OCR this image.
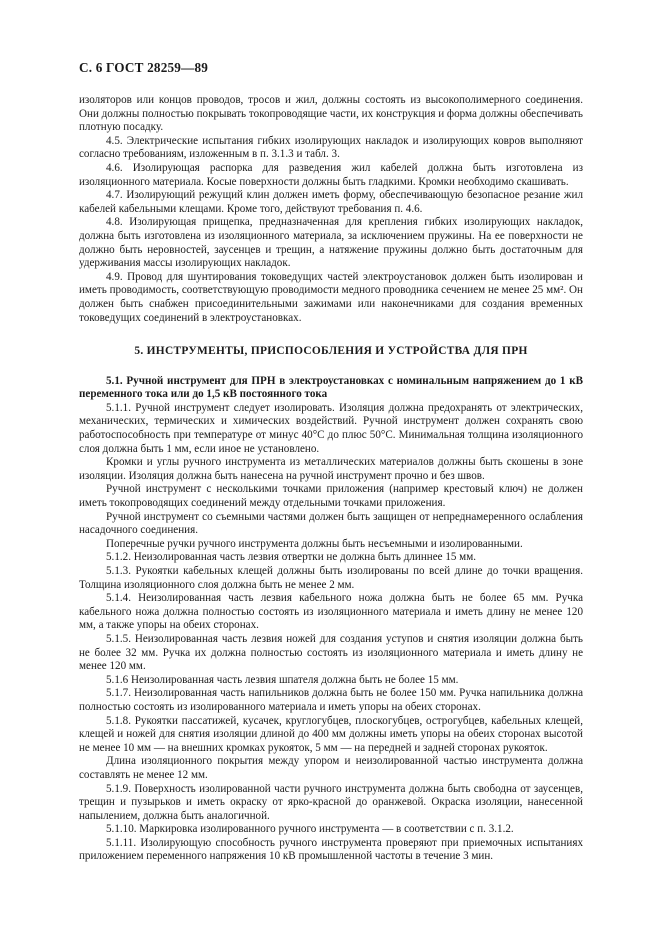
С. 6 ГОСТ 28259—89

изоляторов или концов проводов, тросов и жил, должны состоять из высокополимерного соединения. Они должны полностью покрывать токопроводящие части, их конструкция и форма должны обеспечивать плотную посадку.

4.5. Электрические испытания гибких изолирующих накладок и изолирующих ковров выполняют согласно требованиям, изложенным в п. 3.1.3 и табл. 3.

4.6. Изолирующая распорка для разведения жил кабелей должна быть изготовлена из изоляционного материала. Косые поверхности должны быть гладкими. Кромки необходимо скашивать.

4.7. Изолирующий режущий клин должен иметь форму, обеспечивающую безопасное резание жил кабелей кабельными клещами. Кроме того, действуют требования п. 4.6.

4.8. Изолирующая прищепка, предназначенная для крепления гибких изолирующих накладок, должна быть изготовлена из изоляционного материала, за исключением пружины. На ее поверхности не должно быть неровностей, заусенцев и трещин, а натяжение пружины должно быть достаточным для удерживания массы изолирующих накладок.

4.9. Провод для шунтирования токоведущих частей электроустановок должен быть изолирован и иметь проводимость, соответствующую проводимости медного проводника сечением не менее 25 мм². Он должен быть снабжен присоединительными зажимами или наконечниками для создания временных токоведущих соединений в электроустановках.

5. ИНСТРУМЕНТЫ, ПРИСПОСОБЛЕНИЯ И УСТРОЙСТВА ДЛЯ ПРН

5.1. Ручной инструмент для ПРН в электроустановках с номинальным напряжением до 1 кВ переменного тока или до 1,5 кВ постоянного тока

5.1.1. Ручной инструмент следует изолировать. Изоляция должна предохранять от электрических, механических, термических и химических воздействий. Ручной инструмент должен сохранять свою работоспособность при температуре от минус 40°С до плюс 50°С. Минимальная толщина изоляционного слоя должна быть 1 мм, если иное не установлено.

Кромки и углы ручного инструмента из металлических материалов должны быть скошены в зоне изоляции. Изоляция должна быть нанесена на ручной инструмент прочно и без швов.

Ручной инструмент с несколькими точками приложения (например крестовый ключ) не должен иметь токопроводящих соединений между отдельными точками приложения.

Ручной инструмент со съемными частями должен быть защищен от непреднамеренного ослабления насадочного соединения.

Поперечные ручки ручного инструмента должны быть несъемными и изолированными.

5.1.2. Неизолированная часть лезвия отвертки не должна быть длиннее 15 мм.

5.1.3. Рукоятки кабельных клещей должны быть изолированы по всей длине до точки вращения. Толщина изоляционного слоя должна быть не менее 2 мм.

5.1.4. Неизолированная часть лезвия кабельного ножа должна быть не более 65 мм. Ручка кабельного ножа должна полностью состоять из изоляционного материала и иметь длину не менее 120 мм, а также упоры на обеих сторонах.

5.1.5. Неизолированная часть лезвия ножей для создания уступов и снятия изоляции должна быть не более 32 мм. Ручка их должна полностью состоять из изоляционного материала и иметь длину не менее 120 мм.

5.1.6 Неизолированная часть лезвия шпателя должна быть не более 15 мм.

5.1.7. Неизолированная часть напильников должна быть не более 150 мм. Ручка напильника должна полностью состоять из изолированного материала и иметь упоры на обеих сторонах.

5.1.8. Рукоятки пассатижей, кусачек, круглогубцев, плоскогубцев, острогубцев, кабельных клещей, клещей и ножей для снятия изоляции длиной до 400 мм должны иметь упоры на обеих сторонах высотой не менее 10 мм — на внешних кромках рукояток, 5 мм — на передней и задней сторонах рукояток.

Длина изоляционного покрытия между упором и неизолированной частью инструмента должна составлять не менее 12 мм.

5.1.9. Поверхность изолированной части ручного инструмента должна быть свободна от заусенцев, трещин и пузырьков и иметь окраску от ярко-красной до оранжевой. Окраска изоляции, нанесенной напылением, должна быть аналогичной.

5.1.10. Маркировка изолированного ручного инструмента — в соответствии с п. 3.1.2.

5.1.11. Изолирующую способность ручного инструмента проверяют при приемочных испытаниях приложением переменного напряжения 10 кВ промышленной частоты в течение 3 мин.
